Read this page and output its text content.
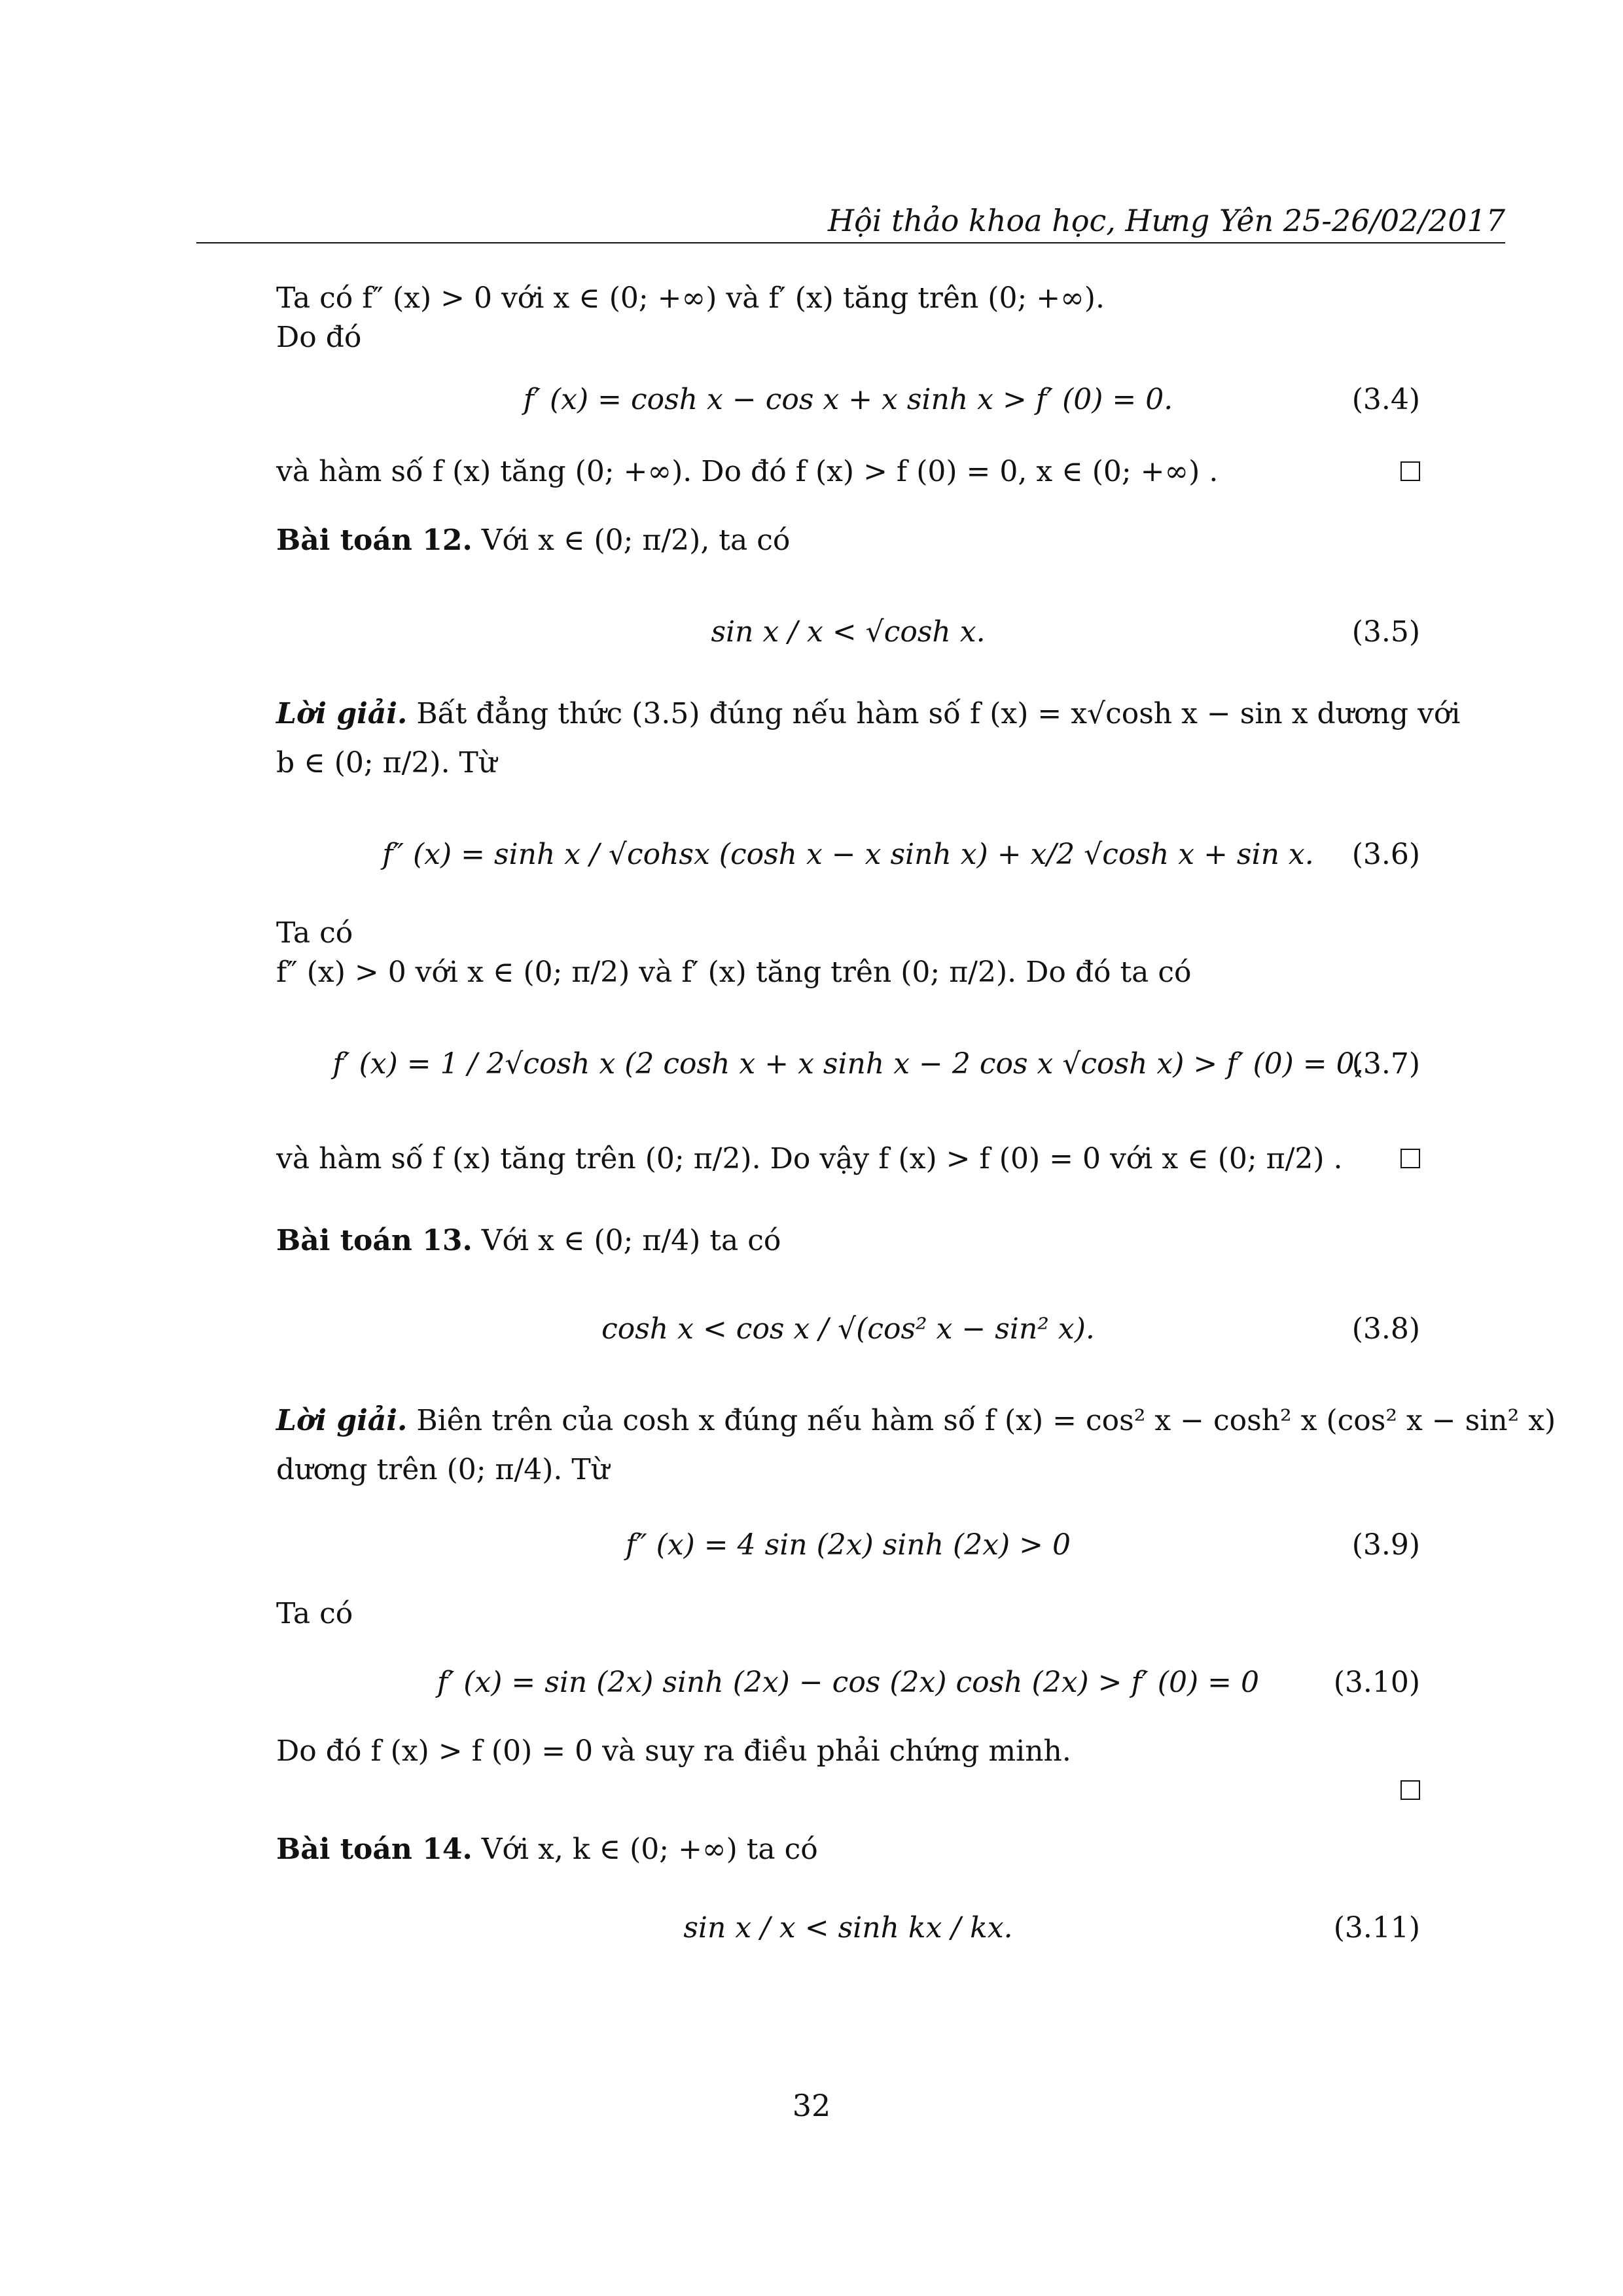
Hội thảo khoa học, Hưng Yên 25-26/02/2017
Ta có f″ (x) > 0 với x ∈ (0; +∞) và f′ (x) tăng trên (0; +∞).
Do đó
f′ (x) = cosh x − cos x + x sinh x > f′ (0) = 0.	(3.4)
và hàm số f (x) tăng (0; +∞). Do đó f (x) > f (0) = 0, x ∈ (0; +∞) .
Bài toán 12. Với x ∈ (0; π/2), ta có
sin x / x < √cosh x.	(3.5)
Lời giải. Bất đẳng thức (3.5) đúng nếu hàm số f (x) = x√cosh x − sin x dương với
b ∈ (0; π/2). Từ
f″ (x) = sinh x / √cohsx (cosh x − x sinh x) + x/2 √cosh x + sin x.	(3.6)
Ta có
f″ (x) > 0 với x ∈ (0; π/2) và f′ (x) tăng trên (0; π/2). Do đó ta có
f′ (x) = 1 / 2√cosh x (2 cosh x + x sinh x − 2 cos x √cosh x) > f′ (0) = 0,
(3.7)
và hàm số f (x) tăng trên (0; π/2). Do vậy f (x) > f (0) = 0 với x ∈ (0; π/2) .
Bài toán 13. Với x ∈ (0; π/4) ta có
cosh x < cos x / √(cos² x − sin² x).	(3.8)
Lời giải. Biên trên của cosh x đúng nếu hàm số f (x) = cos² x − cosh² x (cos² x − sin² x)
dương trên (0; π/4). Từ
f″ (x) = 4 sin (2x) sinh (2x) > 0	(3.9)
Ta có
f′ (x) = sin (2x) sinh (2x) − cos (2x) cosh (2x) > f′ (0) = 0	(3.10)
Do đó f (x) > f (0) = 0 và suy ra điều phải chứng minh.
Bài toán 14. Với x, k ∈ (0; +∞) ta có
sin x / x < sinh kx / kx.	(3.11)
32
